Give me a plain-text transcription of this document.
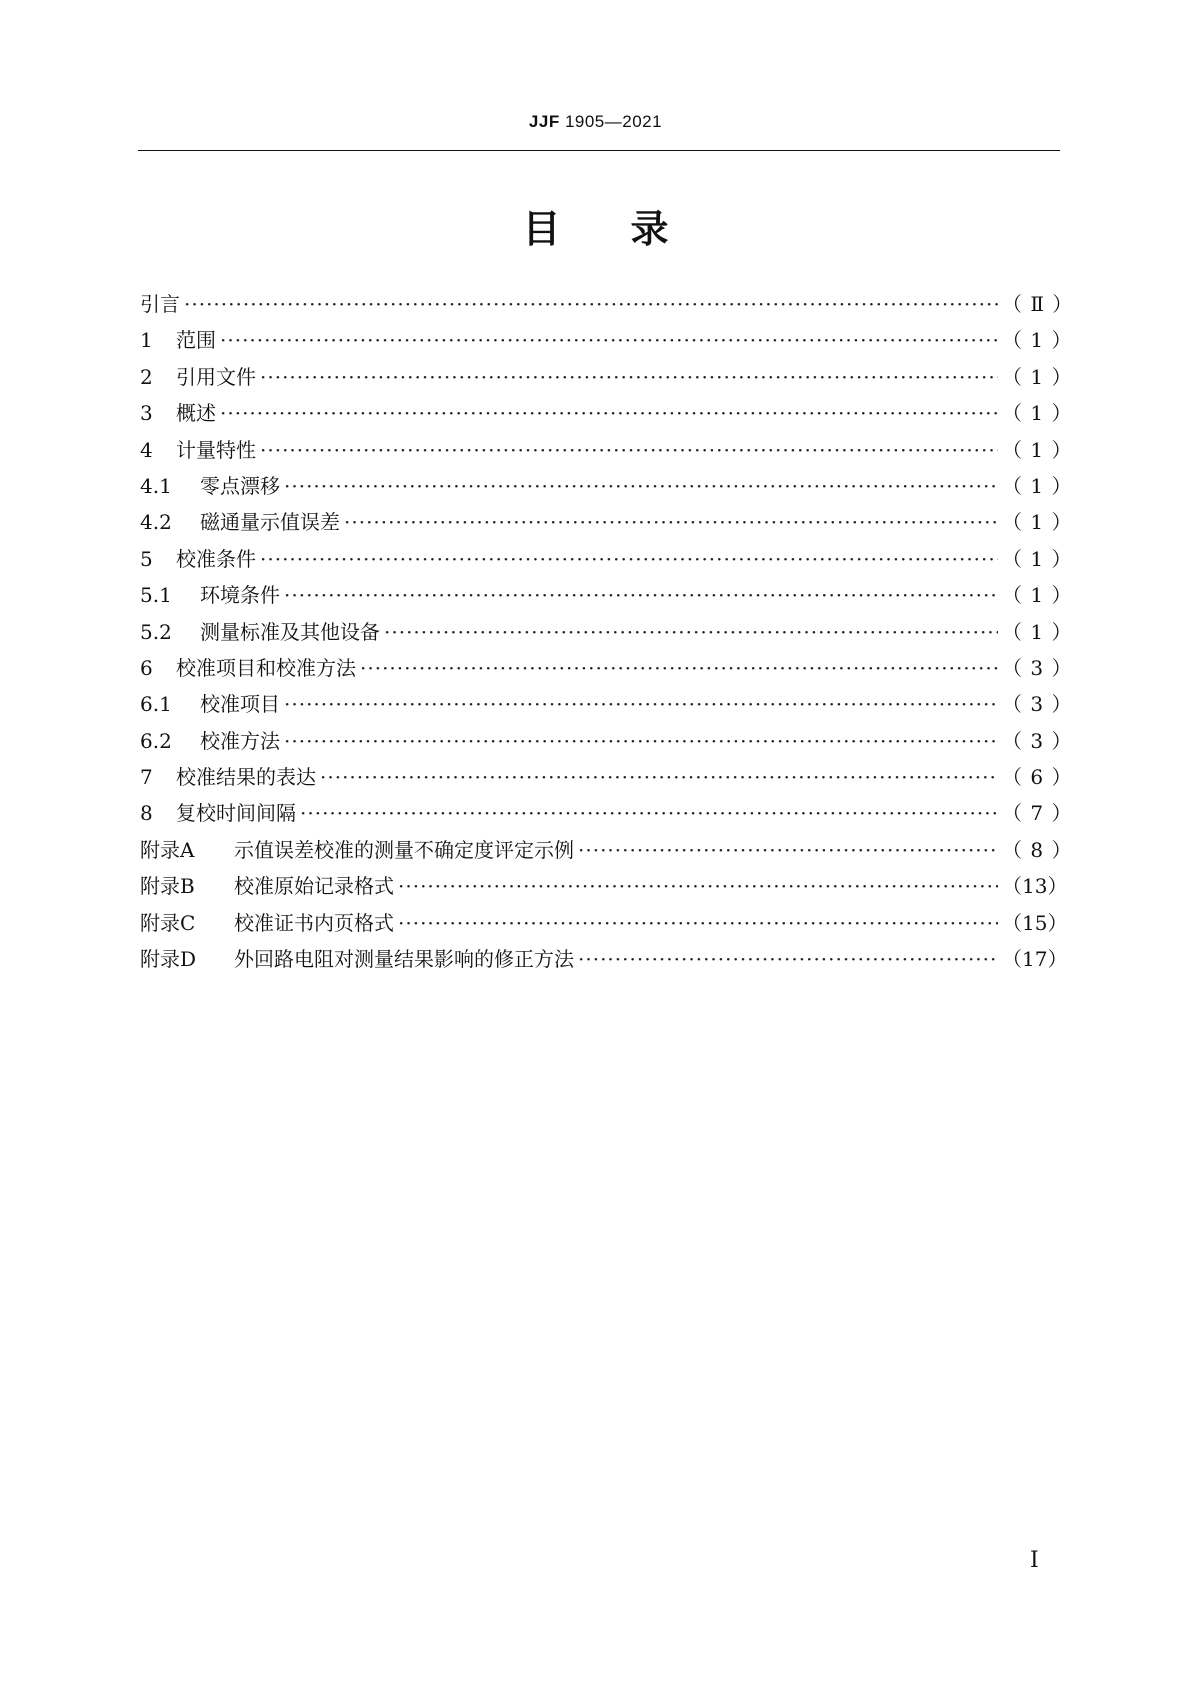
JJF 1905—2021
目 录
引言 ·····	（ Ⅱ ）
1	范围 ·····	（ 1 ）
2	引用文件 ·····	（ 1 ）
3	概述 ·····	（ 1 ）
4	计量特性 ·····	（ 1 ）
4.1	零点漂移 ·····	（ 1 ）
4.2	磁通量示值误差 ·····	（ 1 ）
5	校准条件 ·····	（ 1 ）
5.1	环境条件 ·····	（ 1 ）
5.2	测量标准及其他设备 ·····	（ 1 ）
6	校准项目和校准方法 ·····	（ 3 ）
6.1	校准项目 ·····	（ 3 ）
6.2	校准方法 ·····	（ 3 ）
7	校准结果的表达 ·····	（ 6 ）
8	复校时间间隔 ·····	（ 7 ）
附录A	示值误差校准的测量不确定度评定示例 ·····	（ 8 ）
附录B	校准原始记录格式 ·····	（13）
附录C	校准证书内页格式 ·····	（15）
附录D	外回路电阻对测量结果影响的修正方法 ·····	（17）
Ⅰ
